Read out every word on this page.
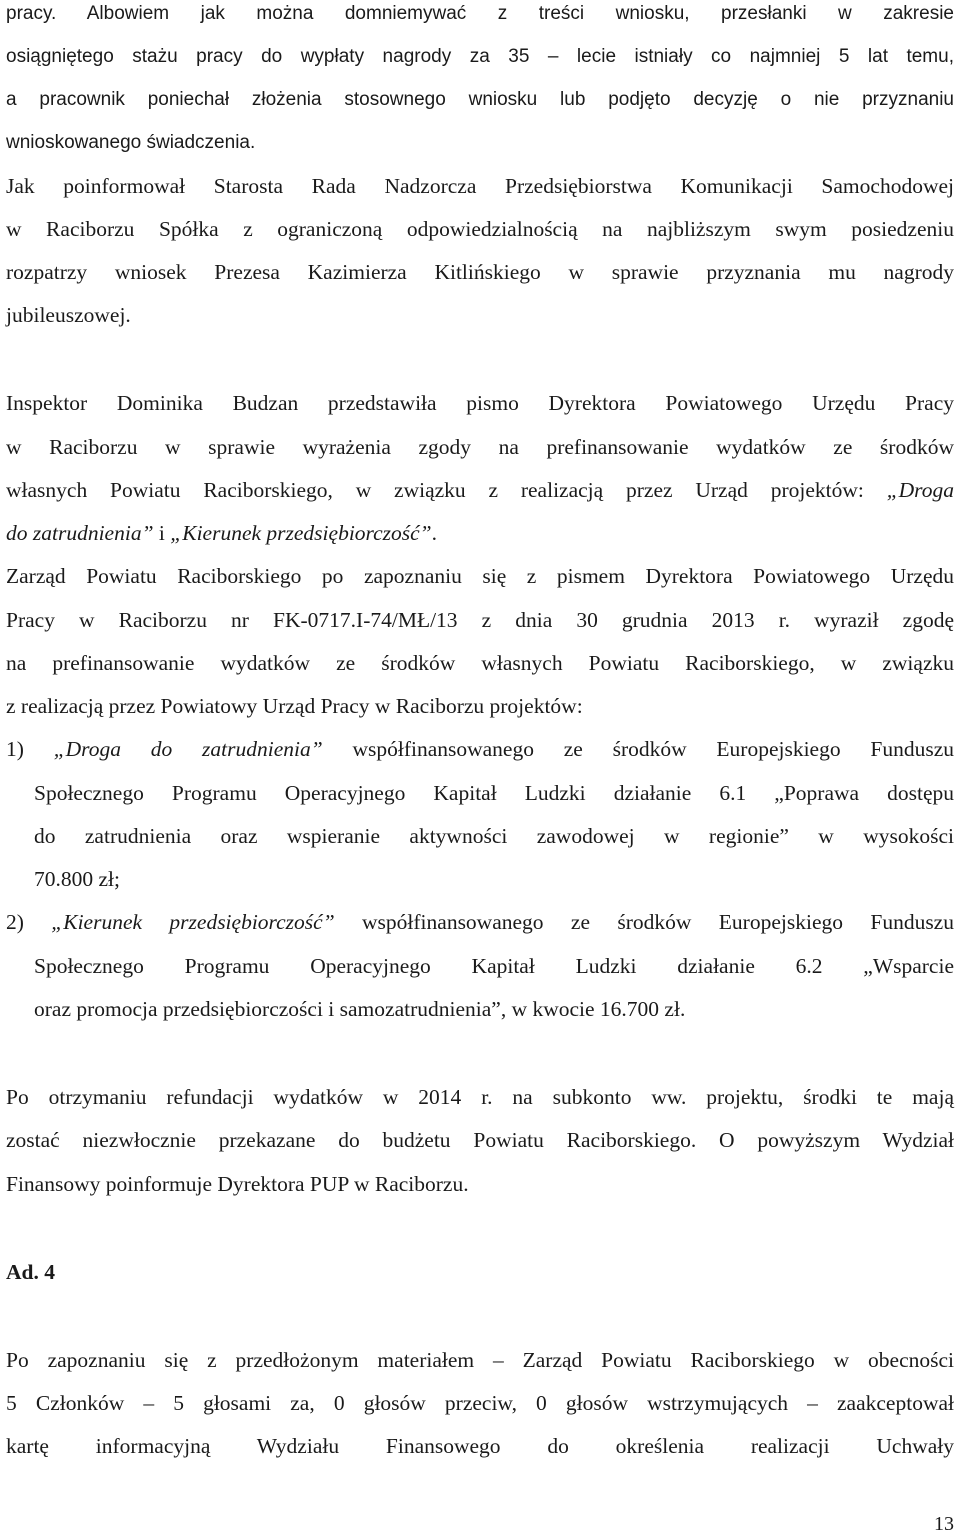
pracy. Albowiem jak można domniemywać z treści wniosku, przesłanki w zakresie
osiągniętego stażu pracy do wypłaty nagrody za 35 – lecie istniały co najmniej 5 lat temu,
a pracownik poniechał złożenia stosownego wniosku lub podjęto decyzję o nie przyznaniu
wnioskowanego świadczenia.
Jak poinformował Starosta Rada Nadzorcza Przedsiębiorstwa Komunikacji Samochodowej
w Raciborzu Spółka z ograniczoną odpowiedzialnością na najbliższym swym posiedzeniu
rozpatrzy wniosek Prezesa Kazimierza Kitlińskiego w sprawie przyznania mu nagrody
jubileuszowej.
Inspektor Dominika Budzan przedstawiła pismo Dyrektora Powiatowego Urzędu Pracy
w Raciborzu w sprawie wyrażenia zgody na prefinansowanie wydatków ze środków
własnych Powiatu Raciborskiego, w związku z realizacją przez Urząd projektów: „Droga
do zatrudnienia” i „Kierunek przedsiębiorczość”.
Zarząd Powiatu Raciborskiego po zapoznaniu się z pismem Dyrektora Powiatowego Urzędu
Pracy w Raciborzu nr FK-0717.I-74/MŁ/13 z dnia 30 grudnia 2013 r. wyraził zgodę
na prefinansowanie wydatków ze środków własnych Powiatu Raciborskiego, w związku
z realizacją przez Powiatowy Urząd Pracy w Raciborzu projektów:
1) „Droga do zatrudnienia” współfinansowanego ze środków Europejskiego Funduszu
Społecznego Programu Operacyjnego Kapitał Ludzki działanie 6.1 „Poprawa dostępu
do zatrudnienia oraz wspieranie aktywności zawodowej w regionie” w wysokości
70.800 zł;
2) „Kierunek przedsiębiorczość” współfinansowanego ze środków Europejskiego Funduszu
Społecznego Programu Operacyjnego Kapitał Ludzki działanie 6.2 „Wsparcie
oraz promocja przedsiębiorczości i samozatrudnienia”, w kwocie 16.700 zł.
Po otrzymaniu refundacji wydatków w 2014 r. na subkonto ww. projektu, środki te mają
zostać niezwłocznie przekazane do budżetu Powiatu Raciborskiego. O powyższym Wydział
Finansowy poinformuje Dyrektora PUP w Raciborzu.
Ad. 4
Po zapoznaniu się z przedłożonym materiałem – Zarząd Powiatu Raciborskiego w obecności
5 Członków – 5 głosami za, 0 głosów przeciw, 0 głosów wstrzymujących – zaakceptował
kartę informacyjną Wydziału Finansowego do określenia realizacji Uchwały
13
